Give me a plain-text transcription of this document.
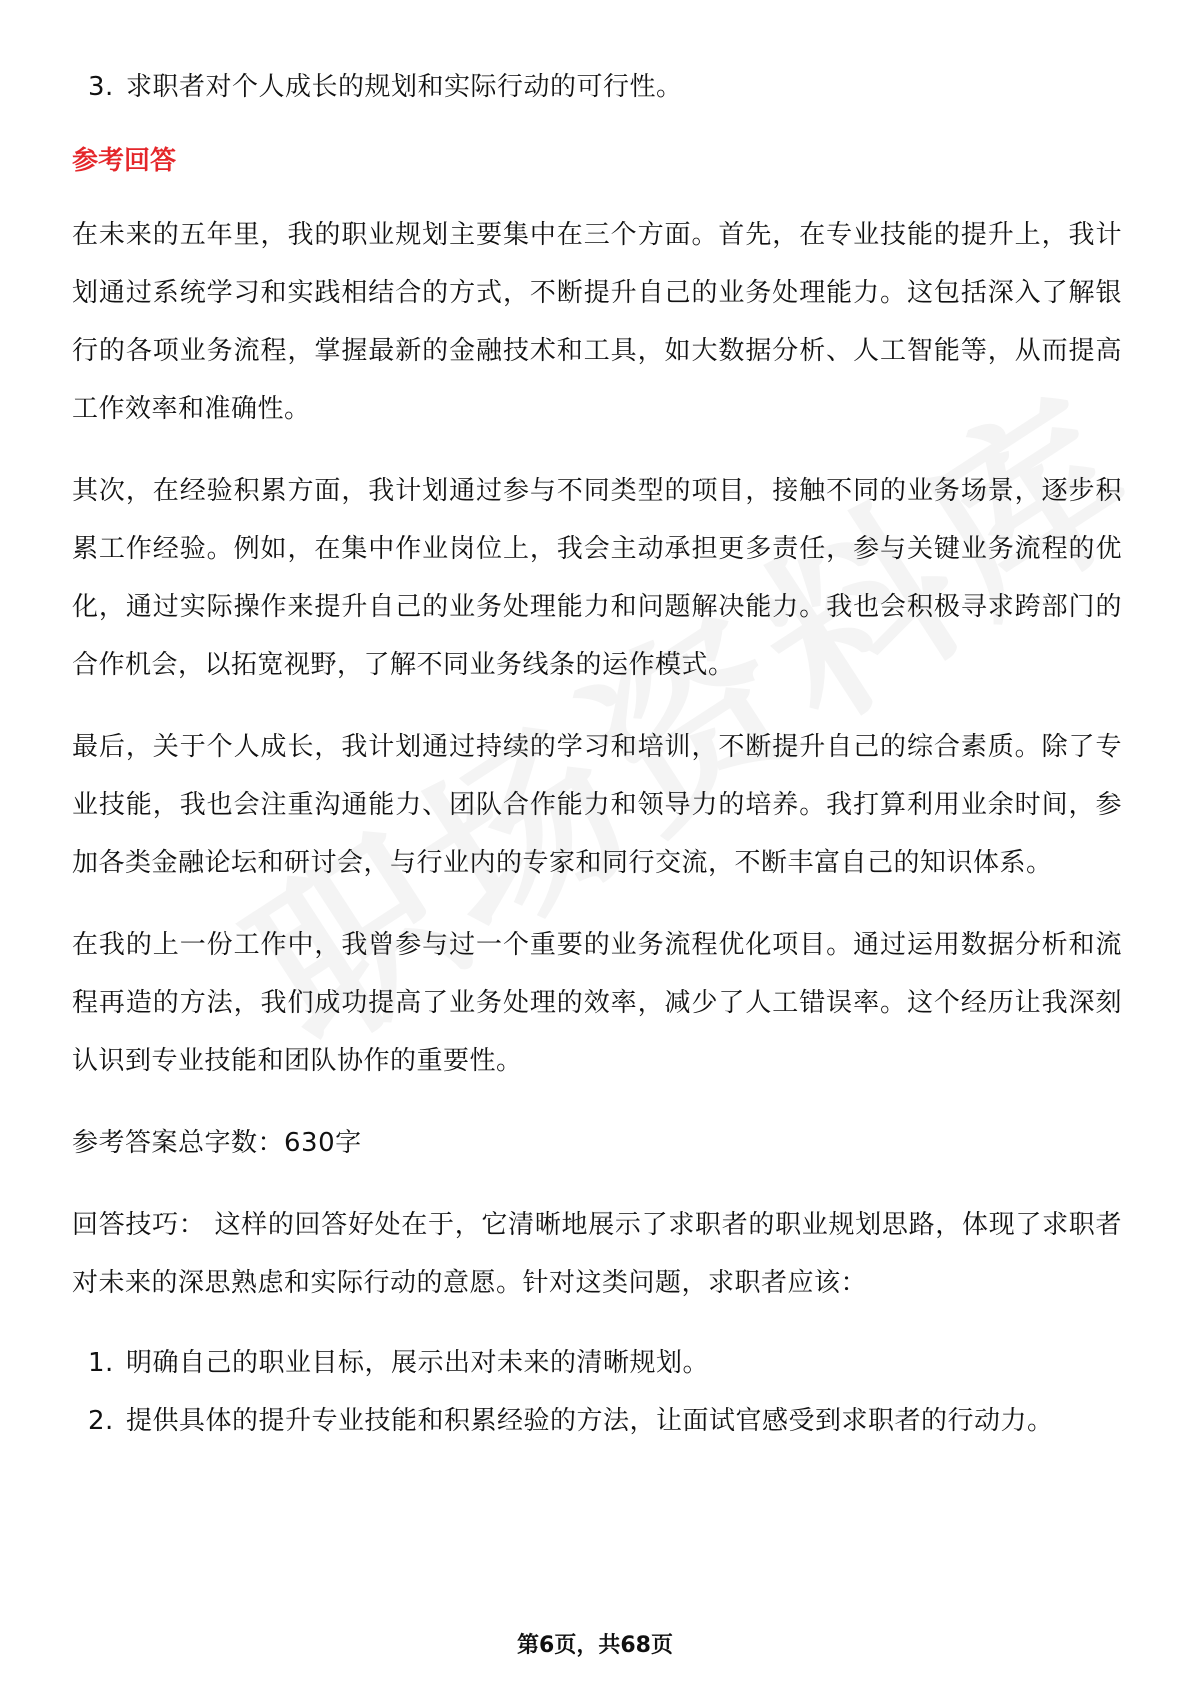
3. 求职者对个人成长的规划和实际行动的可行性。
参考回答

在未来的五年里，我的职业规划主要集中在三个方面。首先，在专业技能的提升上，我计划通过系统学习和实践相结合的方式，不断提升自己的业务处理能力。这包括深入了解银行的各项业务流程，掌握最新的金融技术和工具，如大数据分析、人工智能等，从而提高工作效率和准确性。

其次，在经验积累方面，我计划通过参与不同类型的项目，接触不同的业务场景，逐步积累工作经验。例如，在集中作业岗位上，我会主动承担更多责任，参与关键业务流程的优化，通过实际操作来提升自己的业务处理能力和问题解决能力。我也会积极寻求跨部门的合作机会，以拓宽视野，了解不同业务线条的运作模式。

最后，关于个人成长，我计划通过持续的学习和培训，不断提升自己的综合素质。除了专业技能，我也会注重沟通能力、团队合作能力和领导力的培养。我打算利用业余时间，参加各类金融论坛和研讨会，与行业内的专家和同行交流，不断丰富自己的知识体系。

在我的上一份工作中，我曾参与过一个重要的业务流程优化项目。通过运用数据分析和流程再造的方法，我们成功提高了业务处理的效率，减少了人工错误率。这个经历让我深刻认识到专业技能和团队协作的重要性。

参考答案总字数：630字

回答技巧： 这样的回答好处在于，它清晰地展示了求职者的职业规划思路，体现了求职者对未来的深思熟虑和实际行动的意愿。针对这类问题，求职者应该：

1. 明确自己的职业目标，展示出对未来的清晰规划。
2. 提供具体的提升专业技能和积累经验的方法，让面试官感受到求职者的行动力。
第6页，共68页
